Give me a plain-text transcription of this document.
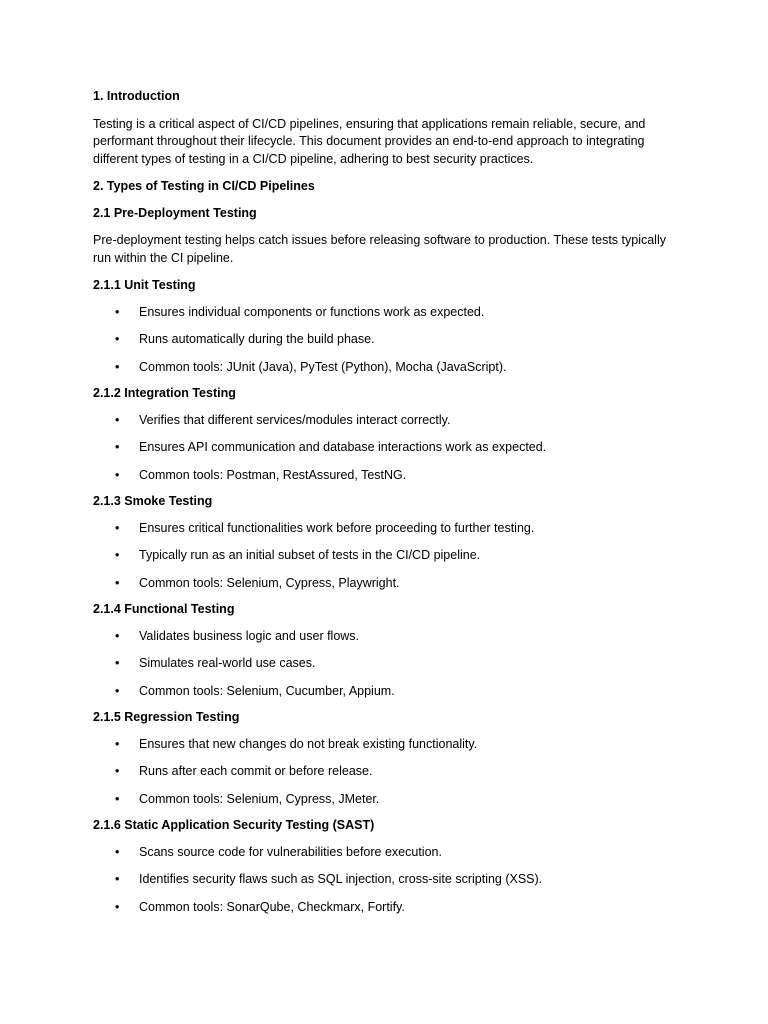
1. Introduction

Testing is a critical aspect of CI/CD pipelines, ensuring that applications remain reliable, secure, and performant throughout their lifecycle. This document provides an end-to-end approach to integrating different types of testing in a CI/CD pipeline, adhering to best security practices.

2. Types of Testing in CI/CD Pipelines
2.1 Pre-Deployment Testing

Pre-deployment testing helps catch issues before releasing software to production. These tests typically run within the CI pipeline.

2.1.1 Unit Testing
• Ensures individual components or functions work as expected.
• Runs automatically during the build phase.
• Common tools: JUnit (Java), PyTest (Python), Mocha (JavaScript).
2.1.2 Integration Testing
• Verifies that different services/modules interact correctly.
• Ensures API communication and database interactions work as expected.
• Common tools: Postman, RestAssured, TestNG.
2.1.3 Smoke Testing
• Ensures critical functionalities work before proceeding to further testing.
• Typically run as an initial subset of tests in the CI/CD pipeline.
• Common tools: Selenium, Cypress, Playwright.
2.1.4 Functional Testing
• Validates business logic and user flows.
• Simulates real-world use cases.
• Common tools: Selenium, Cucumber, Appium.
2.1.5 Regression Testing
• Ensures that new changes do not break existing functionality.
• Runs after each commit or before release.
• Common tools: Selenium, Cypress, JMeter.
2.1.6 Static Application Security Testing (SAST)
• Scans source code for vulnerabilities before execution.
• Identifies security flaws such as SQL injection, cross-site scripting (XSS).
• Common tools: SonarQube, Checkmarx, Fortify.
